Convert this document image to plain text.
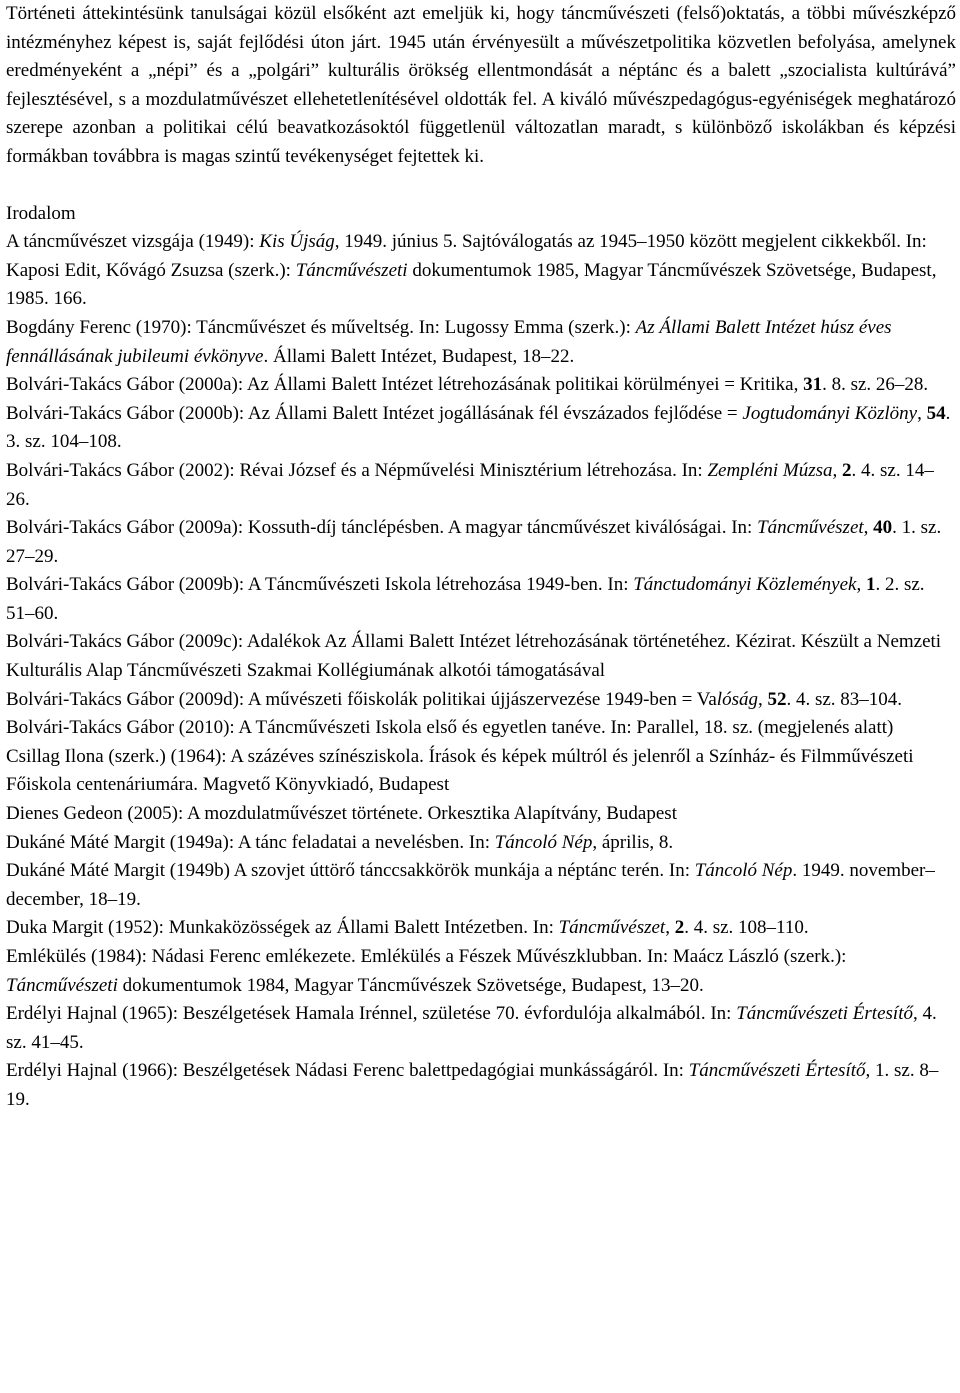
Történeti áttekintésünk tanulságai közül elsőként azt emeljük ki, hogy táncművészeti (felső)oktatás, a többi művészképző intézményhez képest is, saját fejlődési úton járt. 1945 után érvényesült a művészetpolitika közvetlen befolyása, amelynek eredményeként a „népi” és a „polgári” kulturális örökség ellentmondását a néptánc és a balett „szocialista kultúrává” fejlesztésével, s a mozdulatművészet ellehetetlenítésével oldották fel. A kiváló művészpedagógus-egyéniségek meghatározó szerepe azonban a politikai célú beavatkozásoktól függetlenül változatlan maradt, s különböző iskolákban és képzési formákban továbbra is magas szintű tevékenységet fejtettek ki.

Irodalom

A táncművészet vizsgája (1949): Kis Újság, 1949. június 5. Sajtóválogatás az 1945–1950 között megjelent cikkekből. In: Kaposi Edit, Kővágó Zsuzsa (szerk.): Táncművészeti dokumentumok 1985, Magyar Táncművészek Szövetsége, Budapest, 1985. 166.
Bogdány Ferenc (1970): Táncművészet és műveltség. In: Lugossy Emma (szerk.): Az Állami Balett Intézet húsz éves fennállásának jubileumi évkönyve. Állami Balett Intézet, Budapest, 18–22.
Bolvári-Takács Gábor (2000a): Az Állami Balett Intézet létrehozásának politikai körülményei = Kritika, 31. 8. sz. 26–28.
Bolvári-Takács Gábor (2000b): Az Állami Balett Intézet jogállásának fél évszázados fejlődése = Jogtudományi Közlöny, 54. 3. sz. 104–108.
Bolvári-Takács Gábor (2002): Révai József és a Népművelési Minisztérium létrehozása. In: Zempléni Múzsa, 2. 4. sz. 14–26.
Bolvári-Takács Gábor (2009a): Kossuth-díj tánclépésben. A magyar táncművészet kiválóságai. In: Táncművészet, 40. 1. sz. 27–29.
Bolvári-Takács Gábor (2009b): A Táncművészeti Iskola létrehozása 1949-ben. In: Tánctudományi Közlemények, 1. 2. sz. 51–60.
Bolvári-Takács Gábor (2009c): Adalékok Az Állami Balett Intézet létrehozásának történetéhez. Kézirat. Készült a Nemzeti Kulturális Alap Táncművészeti Szakmai Kollégiumának alkotói támogatásával
Bolvári-Takács Gábor (2009d): A művészeti főiskolák politikai újjászervezése 1949-ben = Valóság, 52. 4. sz. 83–104.
Bolvári-Takács Gábor (2010): A Táncművészeti Iskola első és egyetlen tanéve. In: Parallel, 18. sz. (megjelenés alatt)
Csillag Ilona (szerk.) (1964): A százéves színésziskola. Írások és képek múltról és jelenről a Színház- és Filmművészeti Főiskola centenáriumára. Magvető Könyvkiadó, Budapest
Dienes Gedeon (2005): A mozdulatművészet története. Orkesztika Alapítvány, Budapest
Dukáné Máté Margit (1949a): A tánc feladatai a nevelésben. In: Táncoló Nép, április, 8.
Dukáné Máté Margit (1949b) A szovjet úttörő tánccsakkörök munkája a néptánc terén. In: Táncoló Nép. 1949. november–december, 18–19.
Duka Margit (1952): Munkaközösségek az Állami Balett Intézetben. In: Táncművészet, 2. 4. sz. 108–110.
Emlékülés (1984): Nádasi Ferenc emlékezete. Emlékülés a Fészek Művészklubban. In: Maácz László (szerk.): Táncművészeti dokumentumok 1984, Magyar Táncművészek Szövetsége, Budapest, 13–20.
Erdélyi Hajnal (1965): Beszélgetések Hamala Irénnel, születése 70. évfordulója alkalmából. In: Táncművészeti Értesítő, 4. sz. 41–45.
Erdélyi Hajnal (1966): Beszélgetések Nádasi Ferenc balettpedagógiai munkásságáról. In: Táncművészeti Értesítő, 1. sz. 8–19.
